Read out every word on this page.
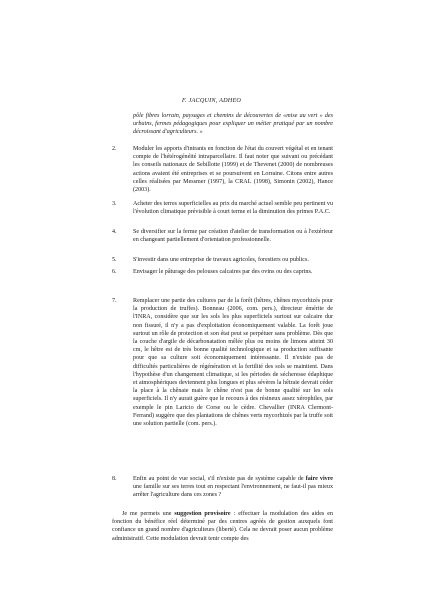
F. JACQUIN, ADHEO
pôle fibres lorrain, paysages et chemins de découvertes de «mise au vert » des urbains, fermes pédagogiques pour expliquer un métier pratiqué par un nombre décroissant d'agriculteurs. »
2.	Moduler les apports d'intrants en fonction de l'état du couvert végétal et en tenant compte de l'hétérogénéité intraparcellaire. Il faut noter que suivant ou précédant les conseils nationaux de Sebillotte (1999) et de Thevenet (2000) de nombreuses actions avaient été entreprises et se poursuivent en Lorraine. Citons entre autres celles réalisées par Messmer (1997), la CRAL (1998), Simonin (2002), Hance (2003).
3.	Acheter des terres superficielles au prix du marché actuel semble peu pertinent vu l'évolution climatique prévisible à court terme et la diminution des primes P.A.C.
4.	Se diversifier sur la ferme par création d'atelier de transformation ou à l'extérieur en changeant partiellement d'orientation professionnelle.
5.	S'investir dans une entreprise de travaux agricoles, forestiers ou publics.
6.	Envisager le pâturage des pelouses calcaires par des ovins ou des caprins.
7.	Remplacer une partie des cultures par de la forêt (hêtres, chênes mycorhizés pour la production de truffes). Bonneau (2006, com. pers.), directeur émérite de l'INRA, considère que sur les sols les plus superficiels surtout sur calcaire dur non fissuré, il n'y a pas d'exploitation économiquement valable. La forêt joue surtout un rôle de protection et son état peut se perpétuer sans problème. Dès que la couche d'argile de décarbonatation mêlée plus ou moins de limons atteint 30 cm, le hêtre est de très bonne qualité technologique et sa production suffisante pour que sa culture soit économiquement intéressante. Il n'existe pas de difficultés particulières de régénération et la fertilité des sols se maintient. Dans l'hypothèse d'un changement climatique, si les périodes de sécheresse édaphique et atmosphériques deviennent plus longues et plus sévères la hêtraie devrait céder la place à la chênaie mais le chêne n'est pas de bonne qualité sur les sols superficiels. Il n'y aurait guère que le recours à des résineux assez xérophiles, par exemple le pin Laricio de Corse ou le cèdre. Chevallier (INRA Clermont-Ferrand) suggère que des plantations de chênes verts mycorhizés par la truffe soit une solution partielle (com. pers.).
8.	Enfin au point de vue social, s'il n'existe pas de système capable de faire vivre une famille sur ses terres tout en respectant l'environnement, ne faut-il pas mieux arrêter l'agriculture dans ces zones ?
Je me permets une suggestion provisoire : effectuer la modulation des aides en fonction du bénéfice réel déterminé par des centres agréés de gestion auxquels font confiance un grand nombre d'agriculteurs (liberté). Cela ne devrait poser aucun problème administratif. Cette modulation devrait tenir compte des
